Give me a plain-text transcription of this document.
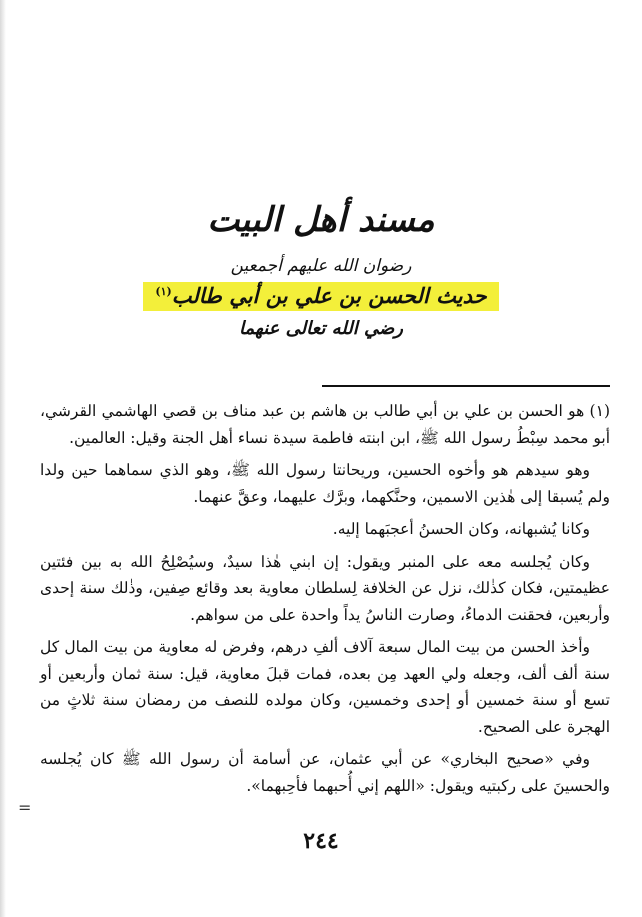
مسند أهل البيت
رضوان الله عليهم أجمعين
حديث الحسن بن علي بن أبي طالب$^{(١)}$
رضي الله تعالى عنهما

(١) هو الحسن بن علي بن أبي طالب بن هاشم بن عبد مناف بن قصي الهاشمي القرشي، أبو محمد سِبْطُ رسول الله ﷺ، ابن ابنته فاطمة سيدة نساء أهل الجنة وقيل: العالمين.

وهو سيدهم هو وأخوه الحسين، وريحانتا رسول الله ﷺ، وهو الذي سماهما حين ولدا ولم يُسبقا إلى هٰذين الاسمين، وحنَّكهما، وبرَّك عليهما، وعقَّ عنهما.

وكانا يُشبهانه، وكان الحسنُ أعجبَهما إليه.

وكان يُجلسه معه على المنبر ويقول: إن ابني هٰذا سيدٌ، وسيُصْلِحُ الله به بين فئتين عظيمتين، فكان كذٰلك، نزل عن الخلافة لِسلطان معاوية بعد وقائع صِفين، وذٰلك سنة إحدى وأربعين، فحقنت الدماءُ، وصارت الناسُ يداً واحدة على من سواهم.

وأخذ الحسن من بيت المال سبعة آلاف ألفِ درهم، وفرض له معاوية من بيت المال كل سنة ألف ألف، وجعله ولي العهد مِن بعده، فمات قبلَ معاوية، قيل: سنة ثمان وأربعين أو تسع أو سنة خمسين أو إحدى وخمسين، وكان مولده للنصف من رمضان سنة ثلاثٍ من الهجرة على الصحيح.

وفي «صحيح البخاري» عن أبي عثمان، عن أسامة أن رسول الله ﷺ كان يُجلسه والحسينَ على ركبتيه ويقول: «اللهم إني أُحبهما فأحِبهما».

=
٢٤٤
